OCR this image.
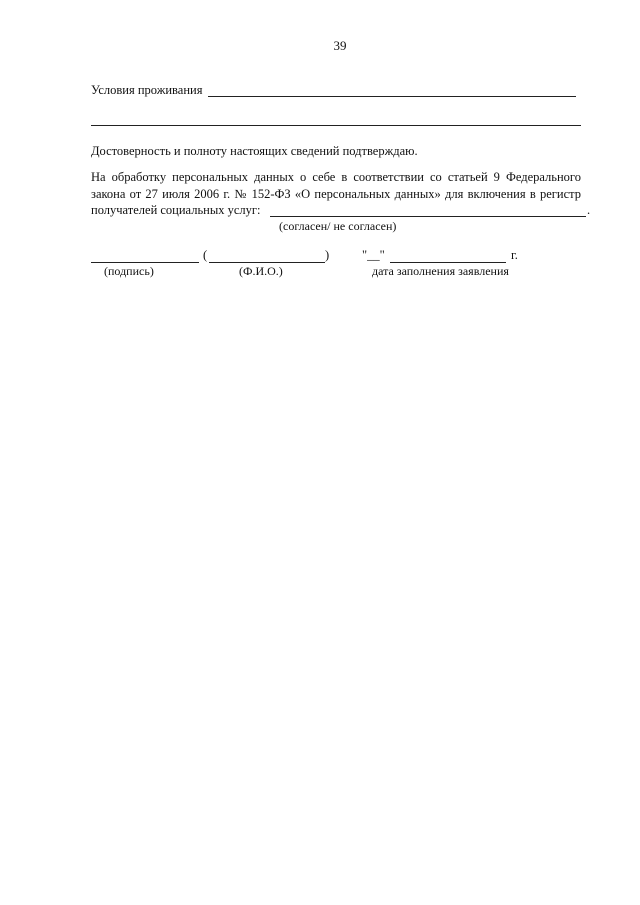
39
Условия проживания
Достоверность и полноту настоящих сведений подтверждаю.
На обработку персональных данных о себе в соответствии со статьей 9 Федерального
закона от 27 июля 2006 г. № 152-ФЗ «О персональных данных» для включения в регистр
получателей социальных услуг:	.
(согласен/ не согласен)
(	)	"__"	г.
(подпись)	(Ф.И.О.)	дата заполнения заявления
